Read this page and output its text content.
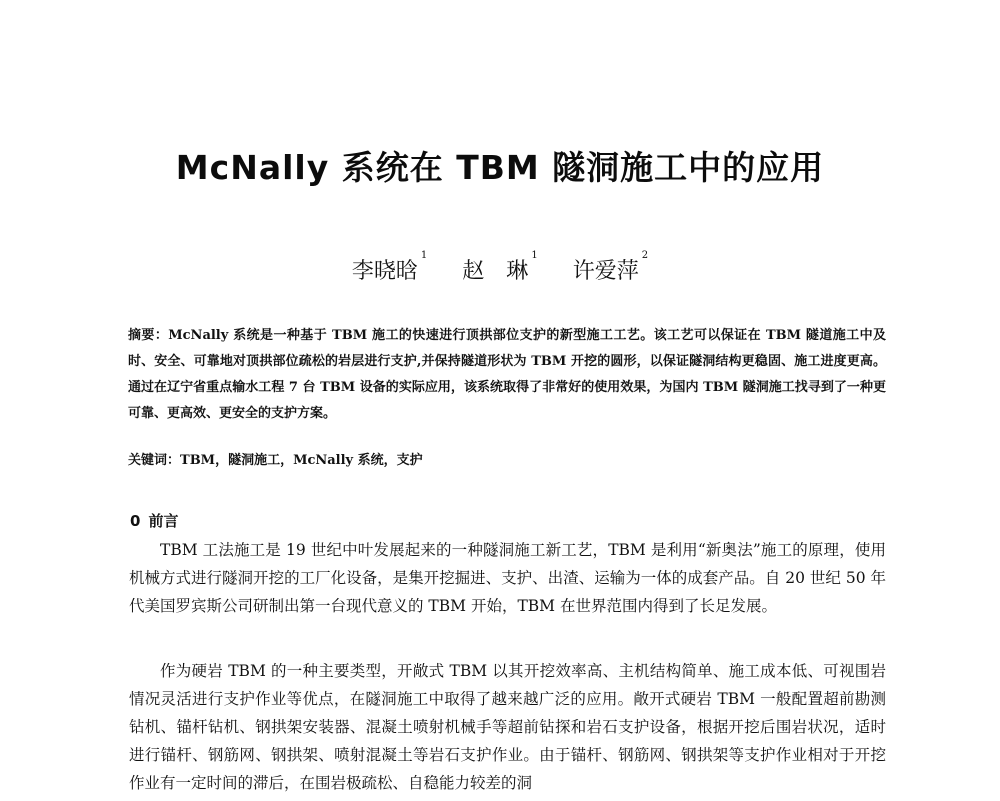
McNally 系统在 TBM 隧洞施工中的应用
李晓晗$^1$ 赵　琳$^1$ 许爱萍$^2$
摘要：McNally 系统是一种基于 TBM 施工的快速进行顶拱部位支护的新型施工工艺。该工艺可以保证在 TBM 隧道施工中及时、安全、可靠地对顶拱部位疏松的岩层进行支护,并保持隧道形状为 TBM 开挖的圆形，以保证隧洞结构更稳固、施工进度更高。通过在辽宁省重点输水工程 7 台 TBM 设备的实际应用，该系统取得了非常好的使用效果，为国内 TBM 隧洞施工找寻到了一种更可靠、更高效、更安全的支护方案。
关键词：TBM，隧洞施工，McNally 系统，支护
0 前言

TBM 工法施工是 19 世纪中叶发展起来的一种隧洞施工新工艺，TBM 是利用“新奥法”施工的原理，使用机械方式进行隧洞开挖的工厂化设备，是集开挖掘进、支护、出渣、运输为一体的成套产品。自 20 世纪 50 年代美国罗宾斯公司研制出第一台现代意义的 TBM 开始，TBM 在世界范围内得到了长足发展。

作为硬岩 TBM 的一种主要类型，开敞式 TBM 以其开挖效率高、主机结构简单、施工成本低、可视围岩情况灵活进行支护作业等优点，在隧洞施工中取得了越来越广泛的应用。敞开式硬岩 TBM 一般配置超前勘测钻机、锚杆钻机、钢拱架安装器、混凝土喷射机械手等超前钻探和岩石支护设备，根据开挖后围岩状况，适时进行锚杆、钢筋网、钢拱架、喷射混凝土等岩石支护作业。由于锚杆、钢筋网、钢拱架等支护作业相对于开挖作业有一定时间的滞后，在围岩极疏松、自稳能力较差的洞
